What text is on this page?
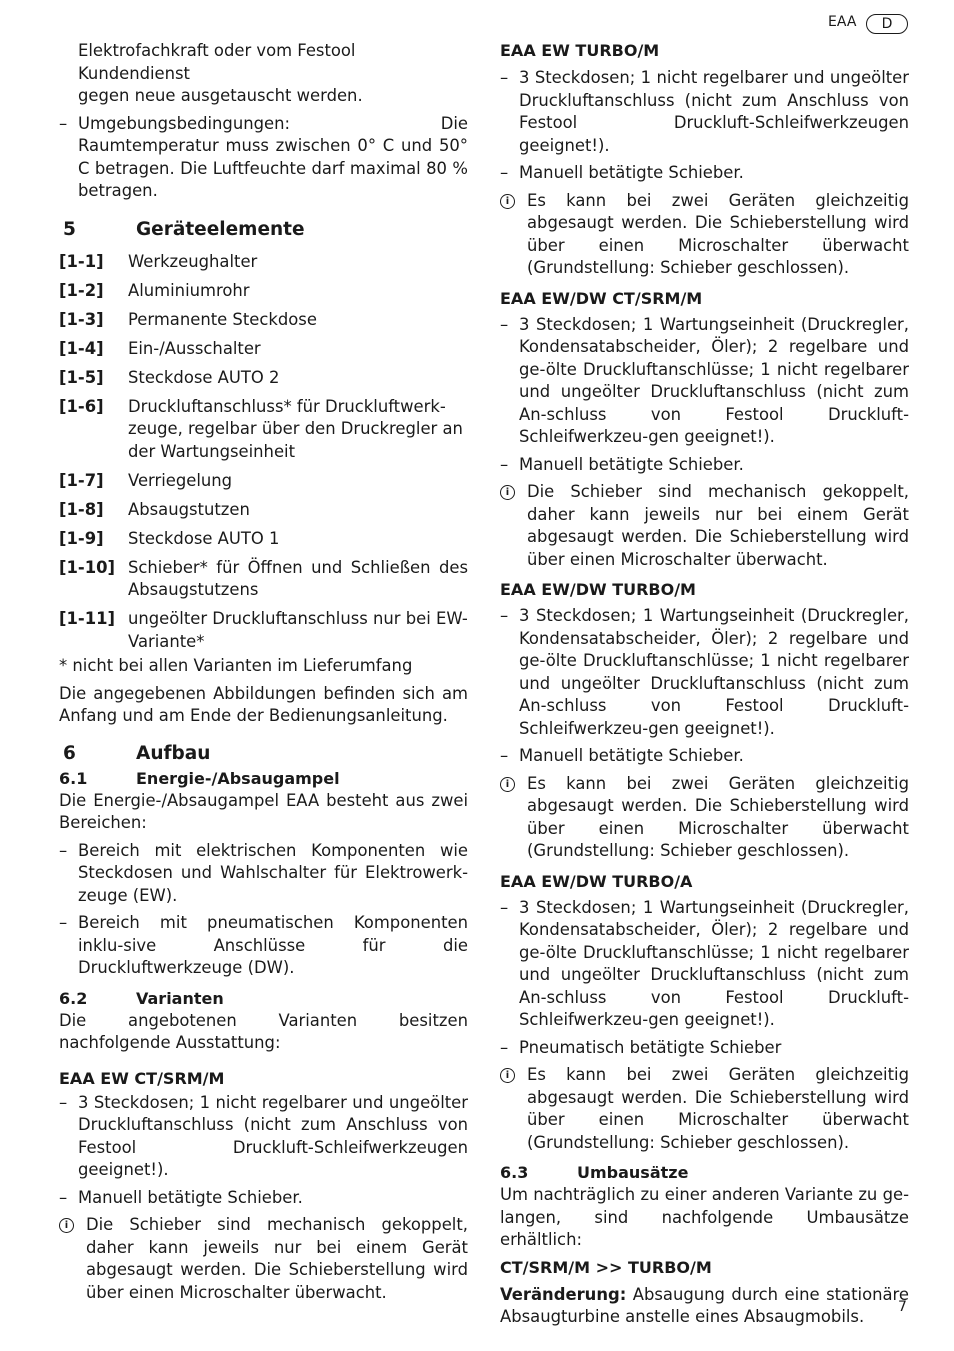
EAA	D
Elektrofachkraft oder vom Festool Kundendienst
gegen neue ausgetauscht werden.
– Umgebungsbedingungen: Die Raumtemperatur muss zwischen 0° C und 50° C betragen. Die Luftfeuchte darf maximal 80 % betragen.
5	Geräteelemente
[1-1]	Werkzeughalter
[1-2]	Aluminiumrohr
[1-3]	Permanente Steckdose
[1-4]	Ein-/Ausschalter
[1-5]	Steckdose AUTO 2
[1-6]	Druckluftanschluss* für Druckluftwerk-zeuge, regelbar über den Druckregler an der Wartungseinheit
[1-7]	Verriegelung
[1-8]	Absaugstutzen
[1-9]	Steckdose AUTO 1
[1-10] Schieber* für Öffnen und Schließen des Absaugstutzens
[1-11] ungeölter Druckluftanschluss nur bei EW-Variante*

* nicht bei allen Varianten im Lieferumfang

Die angegebenen Abbildungen befinden sich am Anfang und am Ende der Bedienungsanleitung.

6	Aufbau
6.1	Energie-/Absaugampel

Die Energie-/Absaugampel EAA besteht aus zwei Bereichen:

– Bereich mit elektrischen Komponenten wie Steckdosen und Wahlschalter für Elektrowerk-zeuge (EW).
– Bereich mit pneumatischen Komponenten inklu-sive Anschlüsse für die Druckluftwerkzeuge (DW).
6.2	Varianten

Die angebotenen Varianten besitzen nachfolgende Ausstattung:

EAA EW CT/SRM/M
– 3 Steckdosen; 1 nicht regelbarer und ungeölter Druckluftanschluss (nicht zum Anschluss von Festool Druckluft-Schleifwerkzeugen geeignet!).
– Manuell betätigte Schieber.
i	Die Schieber sind mechanisch gekoppelt, daher kann jeweils nur bei einem Gerät abgesaugt werden. Die Schieberstellung wird über einen Microschalter überwacht.
EAA EW TURBO/M
– 3 Steckdosen; 1 nicht regelbarer und ungeölter Druckluftanschluss (nicht zum Anschluss von Festool Druckluft-Schleifwerkzeugen geeignet!).
– Manuell betätigte Schieber.
i	Es kann bei zwei Geräten gleichzeitig abgesaugt werden. Die Schieberstellung wird über einen Microschalter überwacht (Grundstellung: Schieber geschlossen).
EAA EW/DW CT/SRM/M
– 3 Steckdosen; 1 Wartungseinheit (Druckregler, Kondensatabscheider, Öler); 2 regelbare und ge-ölte Druckluftanschlüsse; 1 nicht regelbarer und ungeölter Druckluftanschluss (nicht zum An-schluss von Festool Druckluft-Schleifwerkzeu-gen geeignet!).
– Manuell betätigte Schieber.
i	Die Schieber sind mechanisch gekoppelt, daher kann jeweils nur bei einem Gerät abgesaugt werden. Die Schieberstellung wird über einen Microschalter überwacht.
EAA EW/DW TURBO/M
– 3 Steckdosen; 1 Wartungseinheit (Druckregler, Kondensatabscheider, Öler); 2 regelbare und ge-ölte Druckluftanschlüsse; 1 nicht regelbarer und ungeölter Druckluftanschluss (nicht zum An-schluss von Festool Druckluft-Schleifwerkzeu-gen geeignet!).
– Manuell betätigte Schieber.
i	Es kann bei zwei Geräten gleichzeitig abgesaugt werden. Die Schieberstellung wird über einen Microschalter überwacht (Grundstellung: Schieber geschlossen).
EAA EW/DW TURBO/A
– 3 Steckdosen; 1 Wartungseinheit (Druckregler, Kondensatabscheider, Öler); 2 regelbare und ge-ölte Druckluftanschlüsse; 1 nicht regelbarer und ungeölter Druckluftanschluss (nicht zum An-schluss von Festool Druckluft-Schleifwerkzeu-gen geeignet!).
– Pneumatisch betätigte Schieber
i	Es kann bei zwei Geräten gleichzeitig abgesaugt werden. Die Schieberstellung wird über einen Microschalter überwacht (Grundstellung: Schieber geschlossen).
6.3	Umbausätze

Um nachträglich zu einer anderen Variante zu ge-langen, sind nachfolgende Umbausätze erhältlich:

CT/SRM/M >> TURBO/M

Veränderung: Absaugung durch eine stationäre Absaugturbine anstelle eines Absaugmobils.	7
